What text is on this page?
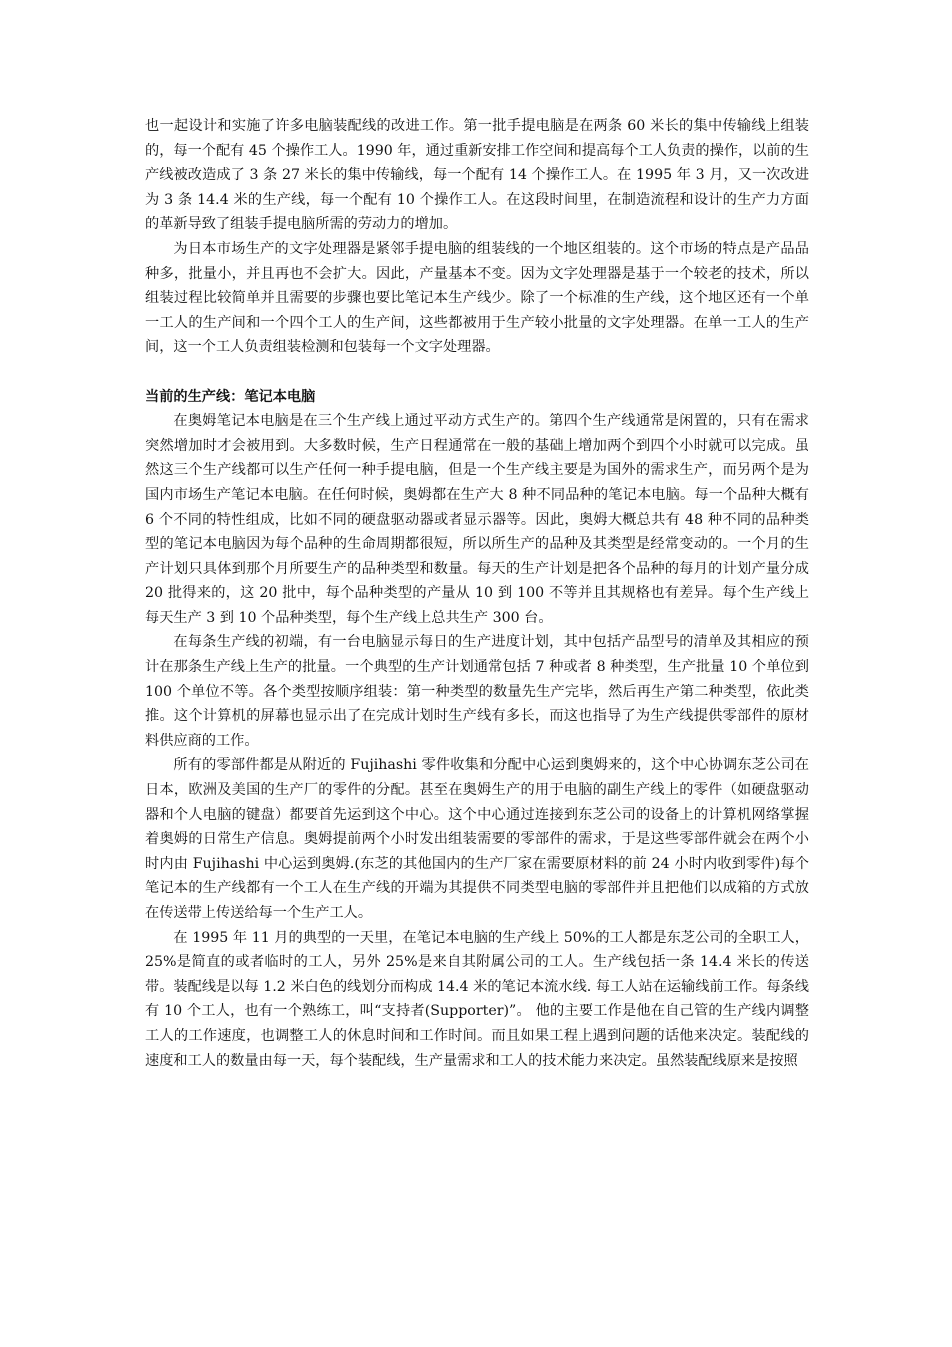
也一起设计和实施了许多电脑装配线的改进工作。第一批手提电脑是在两条 60 米长的集中传输线上组装的，每一个配有 45 个操作工人。1990 年，通过重新安排工作空间和提高每个工人负责的操作，以前的生产线被改造成了 3 条 27 米长的集中传输线，每一个配有 14 个操作工人。在 1995 年 3 月，又一次改进为 3 条 14.4 米的生产线，每一个配有 10 个操作工人。在这段时间里，在制造流程和设计的生产力方面的革新导致了组装手提电脑所需的劳动力的增加。

为日本市场生产的文字处理器是紧邻手提电脑的组装线的一个地区组装的。这个市场的特点是产品品种多，批量小，并且再也不会扩大。因此，产量基本不变。因为文字处理器是基于一个较老的技术，所以组装过程比较简单并且需要的步骤也要比笔记本生产线少。除了一个标准的生产线，这个地区还有一个单一工人的生产间和一个四个工人的生产间，这些都被用于生产较小批量的文字处理器。在单一工人的生产间，这一个工人负责组装检测和包装每一个文字处理器。

当前的生产线：笔记本电脑

在奥姆笔记本电脑是在三个生产线上通过平动方式生产的。第四个生产线通常是闲置的，只有在需求突然增加时才会被用到。大多数时候，生产日程通常在一般的基础上增加两个到四个小时就可以完成。虽然这三个生产线都可以生产任何一种手提电脑，但是一个生产线主要是为国外的需求生产，而另两个是为国内市场生产笔记本电脑。在任何时候，奥姆都在生产大 8 种不同品种的笔记本电脑。每一个品种大概有 6 个不同的特性组成，比如不同的硬盘驱动器或者显示器等。因此，奥姆大概总共有 48 种不同的品种类型的笔记本电脑因为每个品种的生命周期都很短，所以所生产的品种及其类型是经常变动的。一个月的生产计划只具体到那个月所要生产的品种类型和数量。每天的生产计划是把各个品种的每月的计划产量分成 20 批得来的，这 20 批中，每个品种类型的产量从 10 到 100 不等并且其规格也有差异。每个生产线上每天生产 3 到 10 个品种类型，每个生产线上总共生产 300 台。

在每条生产线的初端，有一台电脑显示每日的生产进度计划，其中包括产品型号的清单及其相应的预计在那条生产线上生产的批量。一个典型的生产计划通常包括 7 种或者 8 种类型，生产批量 10 个单位到 100 个单位不等。各个类型按顺序组装：第一种类型的数量先生产完毕，然后再生产第二种类型，依此类推。这个计算机的屏幕也显示出了在完成计划时生产线有多长，而这也指导了为生产线提供零部件的原材料供应商的工作。

所有的零部件都是从附近的 Fujihashi 零件收集和分配中心运到奥姆来的，这个中心协调东芝公司在日本，欧洲及美国的生产厂的零件的分配。甚至在奥姆生产的用于电脑的副生产线上的零件（如硬盘驱动器和个人电脑的键盘）都要首先运到这个中心。这个中心通过连接到东芝公司的设备上的计算机网络掌握着奥姆的日常生产信息。奥姆提前两个小时发出组装需要的零部件的需求，于是这些零部件就会在两个小时内由 Fujihashi 中心运到奥姆.(东芝的其他国内的生产厂家在需要原材料的前 24 小时内收到零件)每个笔记本的生产线都有一个工人在生产线的开端为其提供不同类型电脑的零部件并且把他们以成箱的方式放在传送带上传送给每一个生产工人。

在 1995 年 11 月的典型的一天里，在笔记本电脑的生产线上 50%的工人都是东芝公司的全职工人，25%是简直的或者临时的工人，另外 25%是来自其附属公司的工人。生产线包括一条 14.4 米长的传送带。装配线是以每 1.2 米白色的线划分而构成 14.4 米的笔记本流水线. 每工人站在运输线前工作。每条线有 10 个工人，也有一个熟练工，叫“支持者(Supporter)”。 他的主要工作是他在自己管的生产线内调整工人的工作速度，也调整工人的休息时间和工作时间。而且如果工程上遇到问题的话他来决定。装配线的速度和工人的数量由每一天，每个装配线，生产量需求和工人的技术能力来决定。虽然装配线原来是按照
